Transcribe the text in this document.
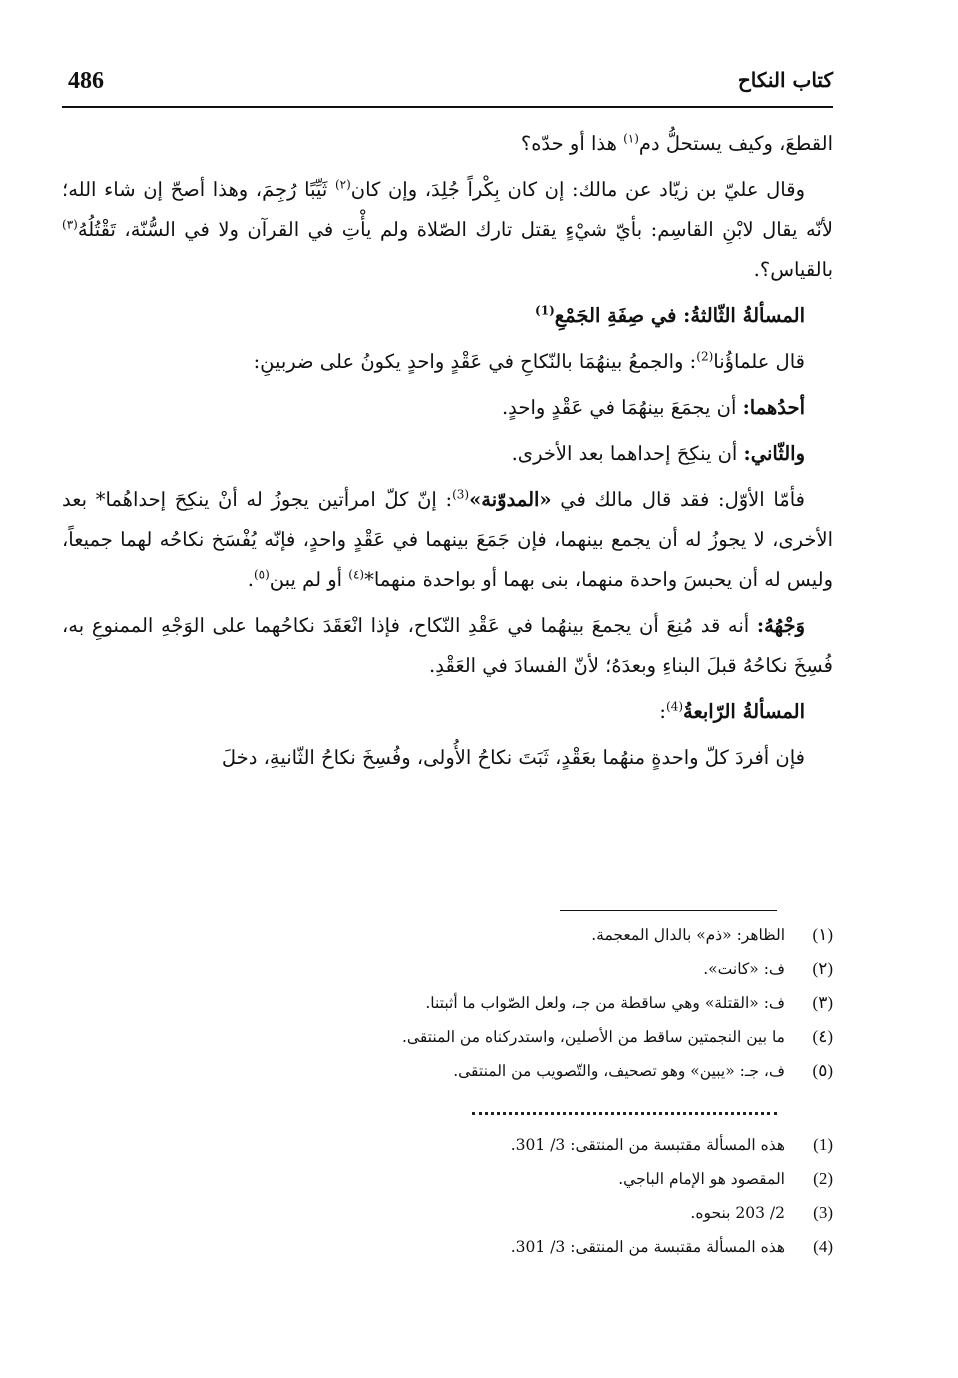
486	كتاب النكاح

القطعَ، وكيف يستحلُّ دم$^{(١)}$ هذا أو حدّه؟

وقال عليّ بن زيّاد عن مالك: إن كان بِكْراً جُلِدَ، وإن كان$^{(٢)}$ ثَيِّبًا رُجِمَ، وهذا أصحّ إن شاء الله؛ لأنّه يقال لابْنِ القاسِم: بأيّ شيْءٍ يقتل تارك الصّلاة ولم يأْتِ في القرآن ولا في السُّنّة، تَقْتُلُهُ$^{(٣)}$ بالقياس؟.

المسألةُ الثّالثةُ: في صِفَةِ الجَمْعِ$^{(1)}$

قال علماؤُنا$^{(2)}$: والجمعُ بينهُمَا بالنّكاحِ في عَقْدٍ واحدٍ يكونُ على ضربينِ:

أحدُهما: أن يجمَعَ بينهُمَا في عَقْدٍ واحدٍ.

والثّاني: أن ينكِحَ إحداهما بعد الأخرى.

فأمّا الأوّل: فقد قال مالك في «المدوّنة»$^{(3)}$: إنّ كلّ امرأتين يجوزُ له أنْ ينكِحَ إحداهُما* بعد الأخرى، لا يجوزُ له أن يجمع بينهما، فإن جَمَعَ بينهما في عَقْدٍ واحدٍ، فإنّه يُفْسَخ نكاحُه لهما جميعاً، وليس له أن يحبسَ واحدة منهما، بنى بهما أو بواحدة منهما*$^{(٤)}$ أو لم يبن$^{(٥)}$.

وَجْهُهُ: أنه قد مُنِعَ أن يجمعَ بينهُما في عَقْدِ النّكاح، فإذا انْعَقَدَ نكاحُهما على الوَجْهِ الممنوعِ به، فُسِخَ نكاحُهُ قبلَ البناءِ وبعدَهُ؛ لأنّ الفسادَ في العَقْدِ.

المسألةُ الرّابعةُ$^{(4)}$:

فإن أفردَ كلّ واحدةٍ منهُما بعَقْدٍ، ثَبَتَ نكاحُ الأُولى، وفُسِخَ نكاحُ الثّانيةِ، دخلَ

(١)
الظاهر: «ذم» بالدال المعجمة.
(٢)
ف: «كانت».
(٣)
ف: «القتلة» وهي ساقطة من جـ، ولعل الصّواب ما أثبتنا.
(٤)
ما بين النجمتين ساقط من الأصلين، واستدركناه من المنتقى.
(٥)
ف، جـ: «يبين» وهو تصحيف، والتّصويب من المنتقى.
(1)
هذه المسألة مقتبسة من المنتقى: 3/ 301.
(2)
المقصود هو الإمام الباجي.
(3)
2/ 203 بنحوه.
(4)
هذه المسألة مقتبسة من المنتقى: 3/ 301.
